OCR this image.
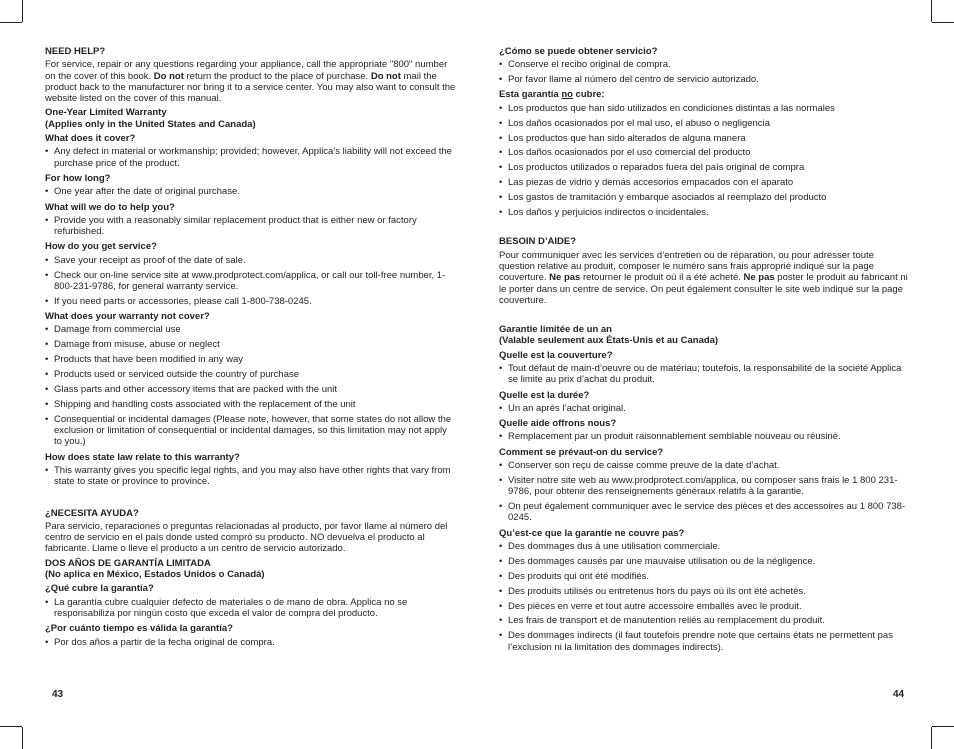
NEED HELP?

For service, repair or any questions regarding your appliance, call the appropriate "800" number on the cover of this book. Do not return the product to the place of purchase. Do not mail the product back to the manufacturer nor bring it to a service center. You may also want to consult the website listed on the cover of this manual.

One-Year Limited Warranty

(Applies only in the United States and Canada)

What does it cover?

• Any defect in material or workmanship; provided; however, Applica’s liability will not exceed the purchase price of the product.

For how long?

• One year after the date of original purchase.

What will we do to help you?

• Provide you with a reasonably similar replacement product that is either new or factory refurbished.

How do you get service?

• Save your receipt as proof of the date of sale.
• Check our on-line service site at www.prodprotect.com/applica, or call our toll-free number, 1-800-231-9786, for general warranty service.
• If you need parts or accessories, please call 1-800-738-0245.

What does your warranty not cover?

• Damage from commercial use
• Damage from misuse, abuse or neglect
• Products that have been modified in any way
• Products used or serviced outside the country of purchase
• Glass parts and other accessory items that are packed with the unit
• Shipping and handling costs associated with the replacement of the unit
• Consequential or incidental damages (Please note, however, that some states do not allow the exclusion or limitation of consequential or incidental damages, so this limitation may not apply to you.)

How does state law relate to this warranty?

• This warranty gives you specific legal rights, and you may also have other rights that vary from state to state or province to province.

¿NECESITA AYUDA?

Para servicio, reparaciones o preguntas relacionadas al producto, por favor llame al número del centro de servicio en el país donde usted compró su producto. NO devuelva el producto al fabricante. Llame o lleve el producto a un centro de servicio autorizado.

DOS AÑOS DE GARANTÍA LIMITADA

(No aplica en México, Estados Unidos o Canadá)

¿Qué cubre la garantía?

• La garantía cubre cualquier defecto de materiales o de mano de obra. Applica no se responsabiliza por ningún costo que exceda el valor de compra del producto.

¿Por cuánto tiempo es válida la garantía?

• Por dos años a partir de la fecha original de compra.

¿Cómo se puede obtener servicio?

• Conserve el recibo original de compra.
• Por favor llame al número del centro de servicio autorizado.

Esta garantía no cubre:

• Los productos que han sido utilizados en condiciones distintas a las normales
• Los daños ocasionados por el mal uso, el abuso o negligencia
• Los productos que han sido alterados de alguna manera
• Los daños ocasionados por el uso comercial del producto
• Los productos utilizados o reparados fuera del país original de compra
• Las piezas de vidrio y demás accesorios empacados con el aparato
• Los gastos de tramitación y embarque asociados al reemplazo del producto
• Los daños y perjuicios indirectos o incidentales.

BESOIN D’AIDE?

Pour communiquer avec les services d’entretien ou de réparation, ou pour adresser toute question relative au produit, composer le numéro sans frais approprié indiqué sur la page couverture. Ne pas retourner le produit où il a été acheté. Ne pas poster le produit au fabricant ni le porter dans un centre de service. On peut également consulter le site web indiqué sur la page couverture.

Garantie limitée de un an

(Valable seulement aux États-Unis et au Canada)

Quelle est la couverture?

• Tout défaut de main-d’oeuvre ou de matériau; toutefois, la responsabilité de la société Applica se limite au prix d’achat du produit.

Quelle est la durée?

• Un an après l’achat original.

Quelle aide offrons nous?

• Remplacement par un produit raisonnablement semblable nouveau ou réusiné.

Comment se prévaut-on du service?

• Conserver son reçu de caisse comme preuve de la date d’achat.
• Visiter notre site web au www.prodprotect.com/applica, ou composer sans frais le 1 800 231-9786, pour obtenir des renseignements généraux relatifs à la garantie.
• On peut également communiquer avec le service des pièces et des accessoires au 1 800 738-0245.

Qu’est-ce que la garantie ne couvre pas?

• Des dommages dus à une utilisation commerciale.
• Des dommages causés par une mauvaise utilisation ou de la négligence.
• Des produits qui ont été modifiés.
• Des produits utilisés ou entretenus hors du pays où ils ont été achetés.
• Des pièces en verre et tout autre accessoire emballés avec le produit.
• Les frais de transport et de manutention reliés au remplacement du produit.
• Des dommages indirects (il faut toutefois prendre note que certains états ne permettent pas l’exclusion ni la limitation des dommages indirects).
43	44
